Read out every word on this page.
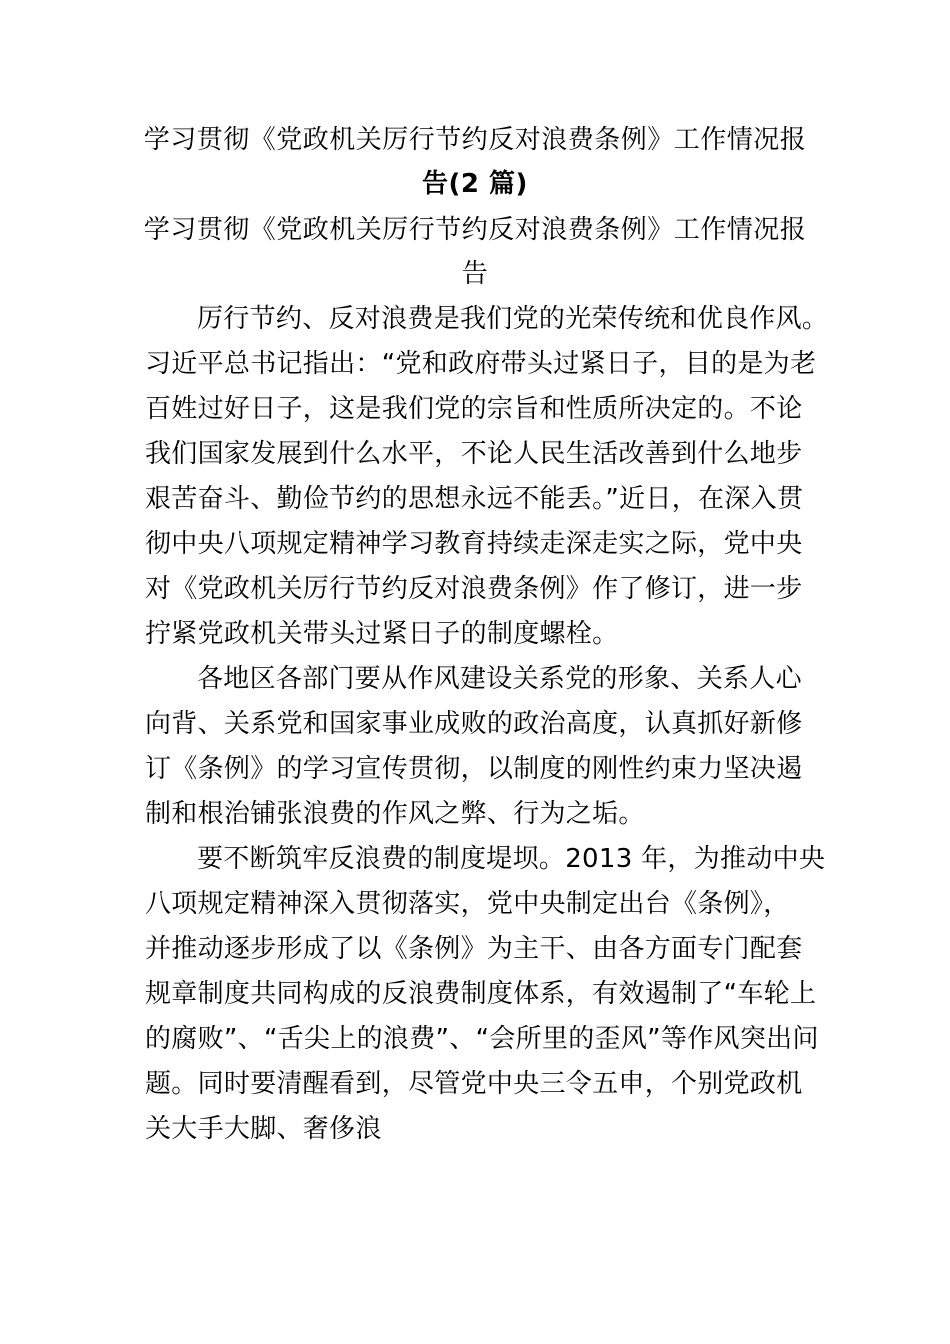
学习贯彻《党政机关厉行节约反对浪费条例》工作情况报
告(2 篇)
学习贯彻《党政机关厉行节约反对浪费条例》工作情况报
告
厉行节约、反对浪费是我们党的光荣传统和优良作风。
习近平总书记指出：“党和政府带头过紧日子，目的是为老
百姓过好日子，这是我们党的宗旨和性质所决定的。不论
我们国家发展到什么水平，不论人民生活改善到什么地步
艰苦奋斗、勤俭节约的思想永远不能丢。”近日，在深入贯
彻中央八项规定精神学习教育持续走深走实之际，党中央
对《党政机关厉行节约反对浪费条例》作了修订，进一步
拧紧党政机关带头过紧日子的制度螺栓。
各地区各部门要从作风建设关系党的形象、关系人心
向背、关系党和国家事业成败的政治高度，认真抓好新修
订《条例》的学习宣传贯彻，以制度的刚性约束力坚决遏
制和根治铺张浪费的作风之弊、行为之垢。
要不断筑牢反浪费的制度堤坝。2013 年，为推动中央
八项规定精神深入贯彻落实，党中央制定出台《条例》，
并推动逐步形成了以《条例》为主干、由各方面专门配套
规章制度共同构成的反浪费制度体系，有效遏制了“车轮上
的腐败”、“舌尖上的浪费”、“会所里的歪风”等作风突出问
题。同时要清醒看到，尽管党中央三令五申，个别党政机
关大手大脚、奢侈浪
